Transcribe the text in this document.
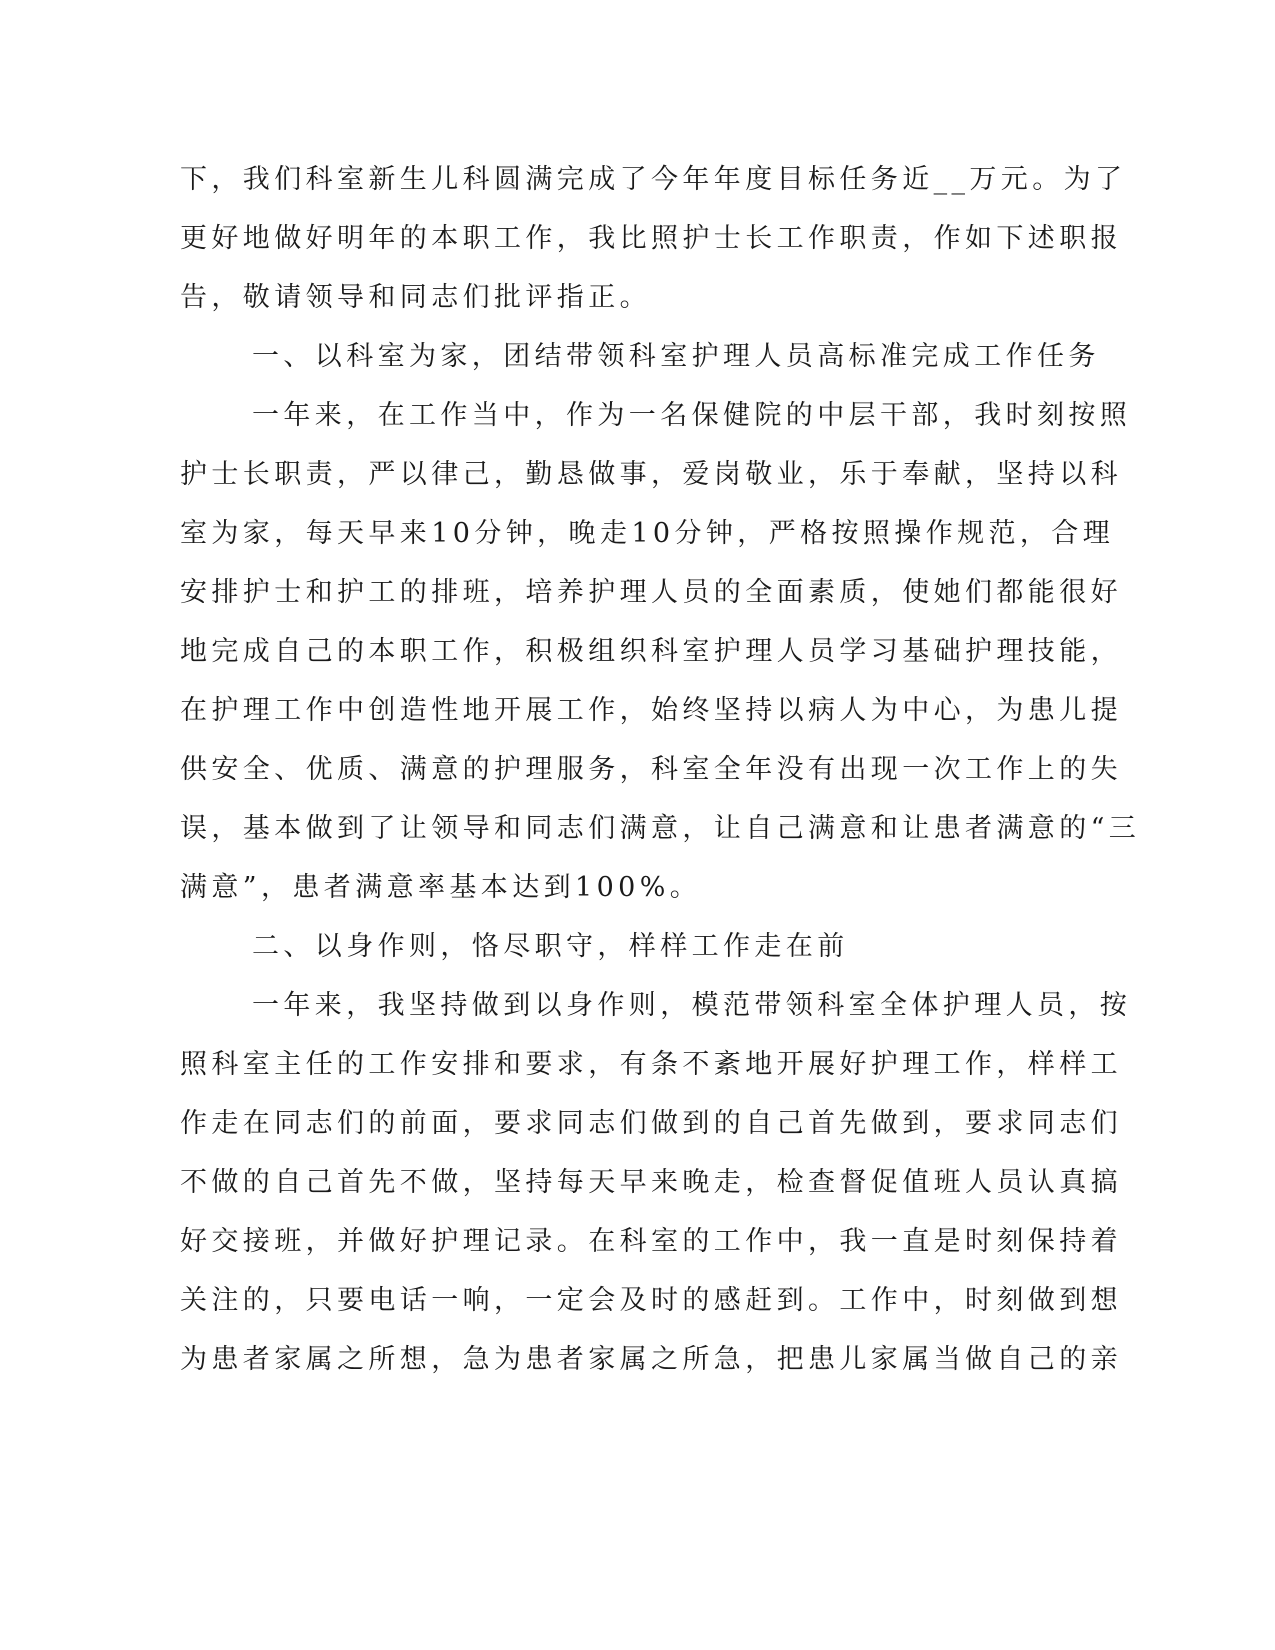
下，我们科室新生儿科圆满完成了今年年度目标任务近__万元。为了
更好地做好明年的本职工作，我比照护士长工作职责，作如下述职报
告，敬请领导和同志们批评指正。
一、以科室为家，团结带领科室护理人员高标准完成工作任务
一年来，在工作当中，作为一名保健院的中层干部，我时刻按照
护士长职责，严以律己，勤恳做事，爱岗敬业，乐于奉献，坚持以科
室为家，每天早来10分钟，晚走10分钟，严格按照操作规范，合理
安排护士和护工的排班，培养护理人员的全面素质，使她们都能很好
地完成自己的本职工作，积极组织科室护理人员学习基础护理技能，
在护理工作中创造性地开展工作，始终坚持以病人为中心，为患儿提
供安全、优质、满意的护理服务，科室全年没有出现一次工作上的失
误，基本做到了让领导和同志们满意，让自己满意和让患者满意的“三
满意”，患者满意率基本达到100%。
二、以身作则，恪尽职守，样样工作走在前
一年来，我坚持做到以身作则，模范带领科室全体护理人员，按
照科室主任的工作安排和要求，有条不紊地开展好护理工作，样样工
作走在同志们的前面，要求同志们做到的自己首先做到，要求同志们
不做的自己首先不做，坚持每天早来晚走，检查督促值班人员认真搞
好交接班，并做好护理记录。在科室的工作中，我一直是时刻保持着
关注的，只要电话一响，一定会及时的感赶到。工作中，时刻做到想
为患者家属之所想，急为患者家属之所急，把患儿家属当做自己的亲
